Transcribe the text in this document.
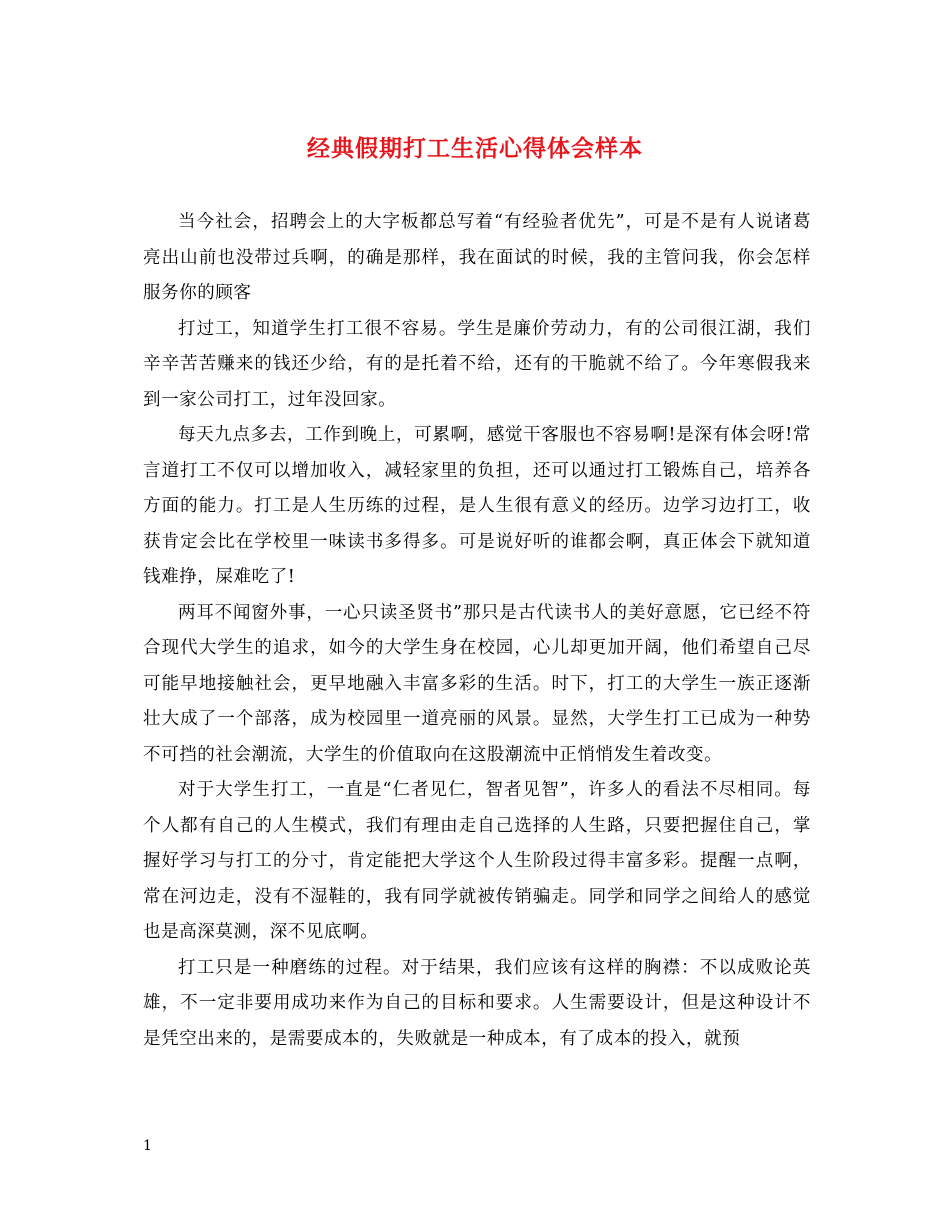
经典假期打工生活心得体会样本

当今社会，招聘会上的大字板都总写着“有经验者优先”，可是不是有人说诸葛亮出山前也没带过兵啊，的确是那样，我在面试的时候，我的主管问我，你会怎样服务你的顾客

打过工，知道学生打工很不容易。学生是廉价劳动力，有的公司很江湖，我们辛辛苦苦赚来的钱还少给，有的是托着不给，还有的干脆就不给了。今年寒假我来到一家公司打工，过年没回家。

每天九点多去，工作到晚上，可累啊，感觉干客服也不容易啊!是深有体会呀!常言道打工不仅可以增加收入，减轻家里的负担，还可以通过打工锻炼自己，培养各方面的能力。打工是人生历练的过程，是人生很有意义的经历。边学习边打工，收获肯定会比在学校里一味读书多得多。可是说好听的谁都会啊，真正体会下就知道钱难挣，屎难吃了!

两耳不闻窗外事，一心只读圣贤书”那只是古代读书人的美好意愿，它已经不符合现代大学生的追求，如今的大学生身在校园，心儿却更加开阔，他们希望自己尽可能早地接触社会，更早地融入丰富多彩的生活。时下，打工的大学生一族正逐渐壮大成了一个部落，成为校园里一道亮丽的风景。显然，大学生打工已成为一种势不可挡的社会潮流，大学生的价值取向在这股潮流中正悄悄发生着改变。

对于大学生打工，一直是“仁者见仁，智者见智”，许多人的看法不尽相同。每个人都有自己的人生模式，我们有理由走自己选择的人生路，只要把握住自己，掌握好学习与打工的分寸，肯定能把大学这个人生阶段过得丰富多彩。提醒一点啊，常在河边走，没有不湿鞋的，我有同学就被传销骗走。同学和同学之间给人的感觉也是高深莫测，深不见底啊。

打工只是一种磨练的过程。对于结果，我们应该有这样的胸襟：不以成败论英雄，不一定非要用成功来作为自己的目标和要求。人生需要设计，但是这种设计不是凭空出来的，是需要成本的，失败就是一种成本，有了成本的投入，就预

1
